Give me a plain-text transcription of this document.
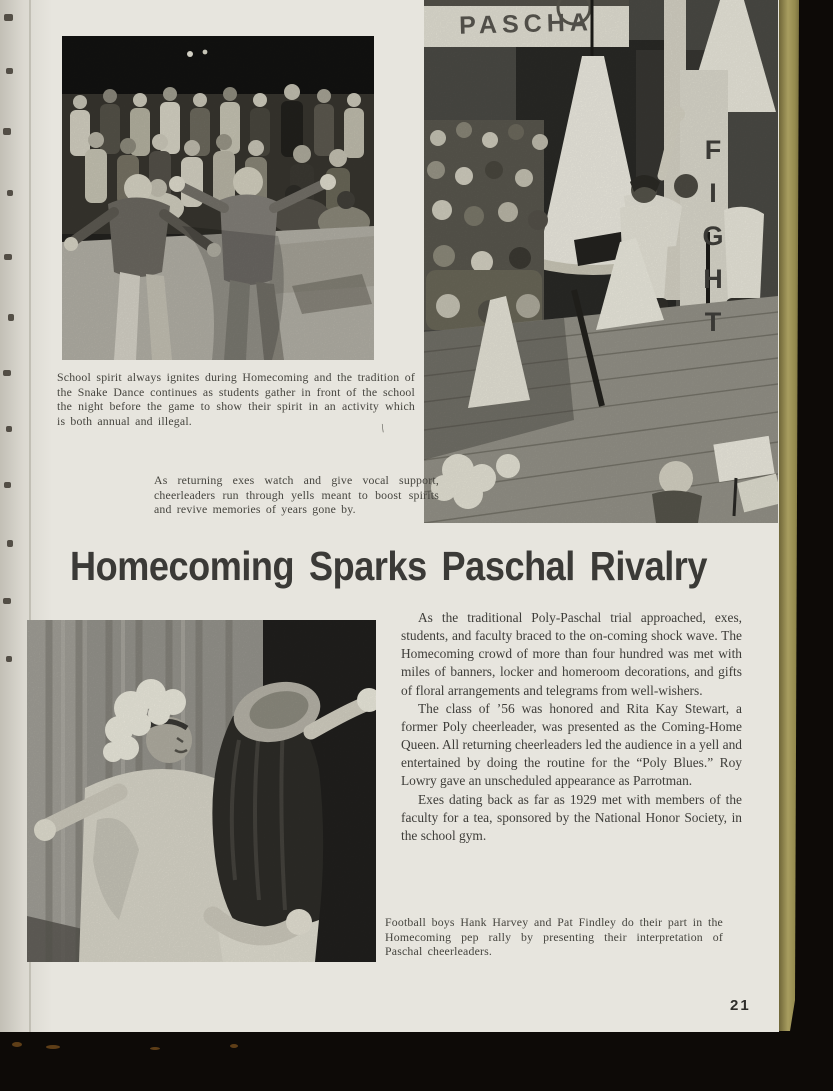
PASCHA
FIGHT
School spirit always ignites during Homecoming and the tradition of the Snake Dance continues as students gather in front of the school the night before the game to show their spirit in an activity which is both annual and illegal.
\
As returning exes watch and give vocal support, cheerleaders run through yells meant to boost spirits and revive memories of years gone by.
Homecoming Sparks Paschal Rivalry

As the traditional Poly-Paschal trial approached, exes, students, and faculty braced to the on-coming shock wave. The Homecoming crowd of more than four hundred was met with miles of banners, locker and homeroom decorations, and gifts of floral arrangements and telegrams from well-wishers.

The class of ’56 was honored and Rita Kay Stewart, a former Poly cheerleader, was presented as the Coming-Home Queen. All returning cheerleaders led the audience in a yell and entertained by doing the routine for the “Poly Blues.” Roy Lowry gave an unscheduled appearance as Parrotman.

Exes dating back as far as 1929 met with members of the faculty for a tea, sponsored by the National Honor Society, in the school gym.

Football boys Hank Harvey and Pat Findley do their part in the Homecoming pep rally by presenting their interpretation of Paschal cheerleaders.
21
